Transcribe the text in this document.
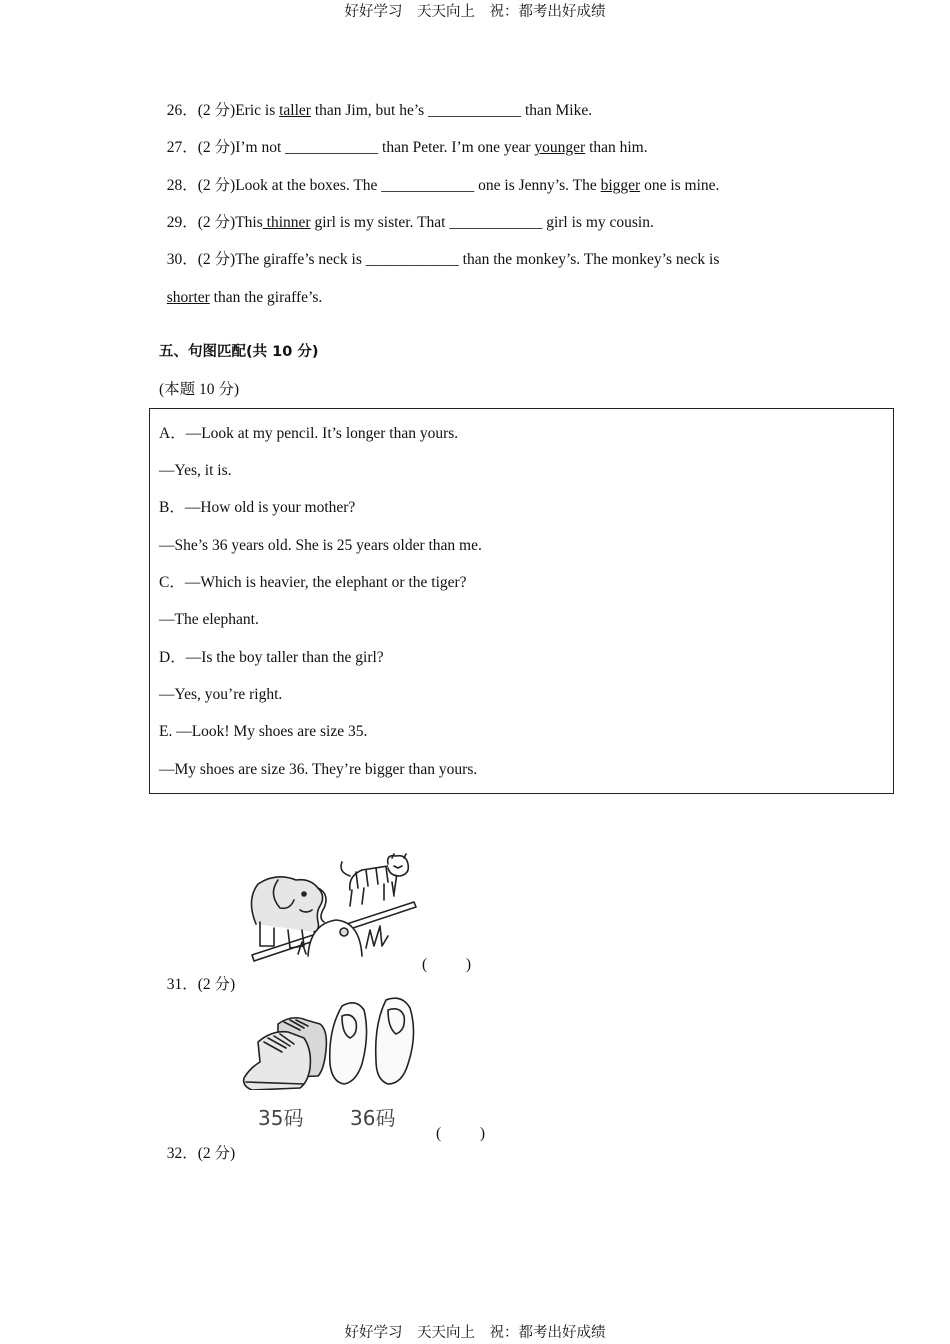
好好学习　天天向上　祝：都考出好成绩

26．(2 分)Eric is taller than Jim, but he’s ____________ than Mike.

27．(2 分)I’m not ____________ than Peter. I’m one year younger than him.

28．(2 分)Look at the boxes. The ____________ one is Jenny’s. The bigger one is mine.

29．(2 分)This thinner girl is my sister. That ____________ girl is my cousin.

30．(2 分)The giraffe’s neck is ____________ than the monkey’s. The monkey’s neck is

shorter than the giraffe’s.

五、句图匹配(共 10 分)
(本题 10 分)
A．—Look at my pencil. It’s longer than yours.
—Yes, it is.
B．—How old is your mother?
—She’s 36 years old. She is 25 years older than me.
C．—Which is heavier, the elephant or the tiger?
—The elephant.
D．—Is the boy taller than the girl?
—Yes, you’re right.
E. —Look! My shoes are size 35.
—My shoes are size 36. They’re bigger than yours.

31．(2 分)

(          )
35码 36码

32．(2 分)

(          )
好好学习　天天向上　祝：都考出好成绩
